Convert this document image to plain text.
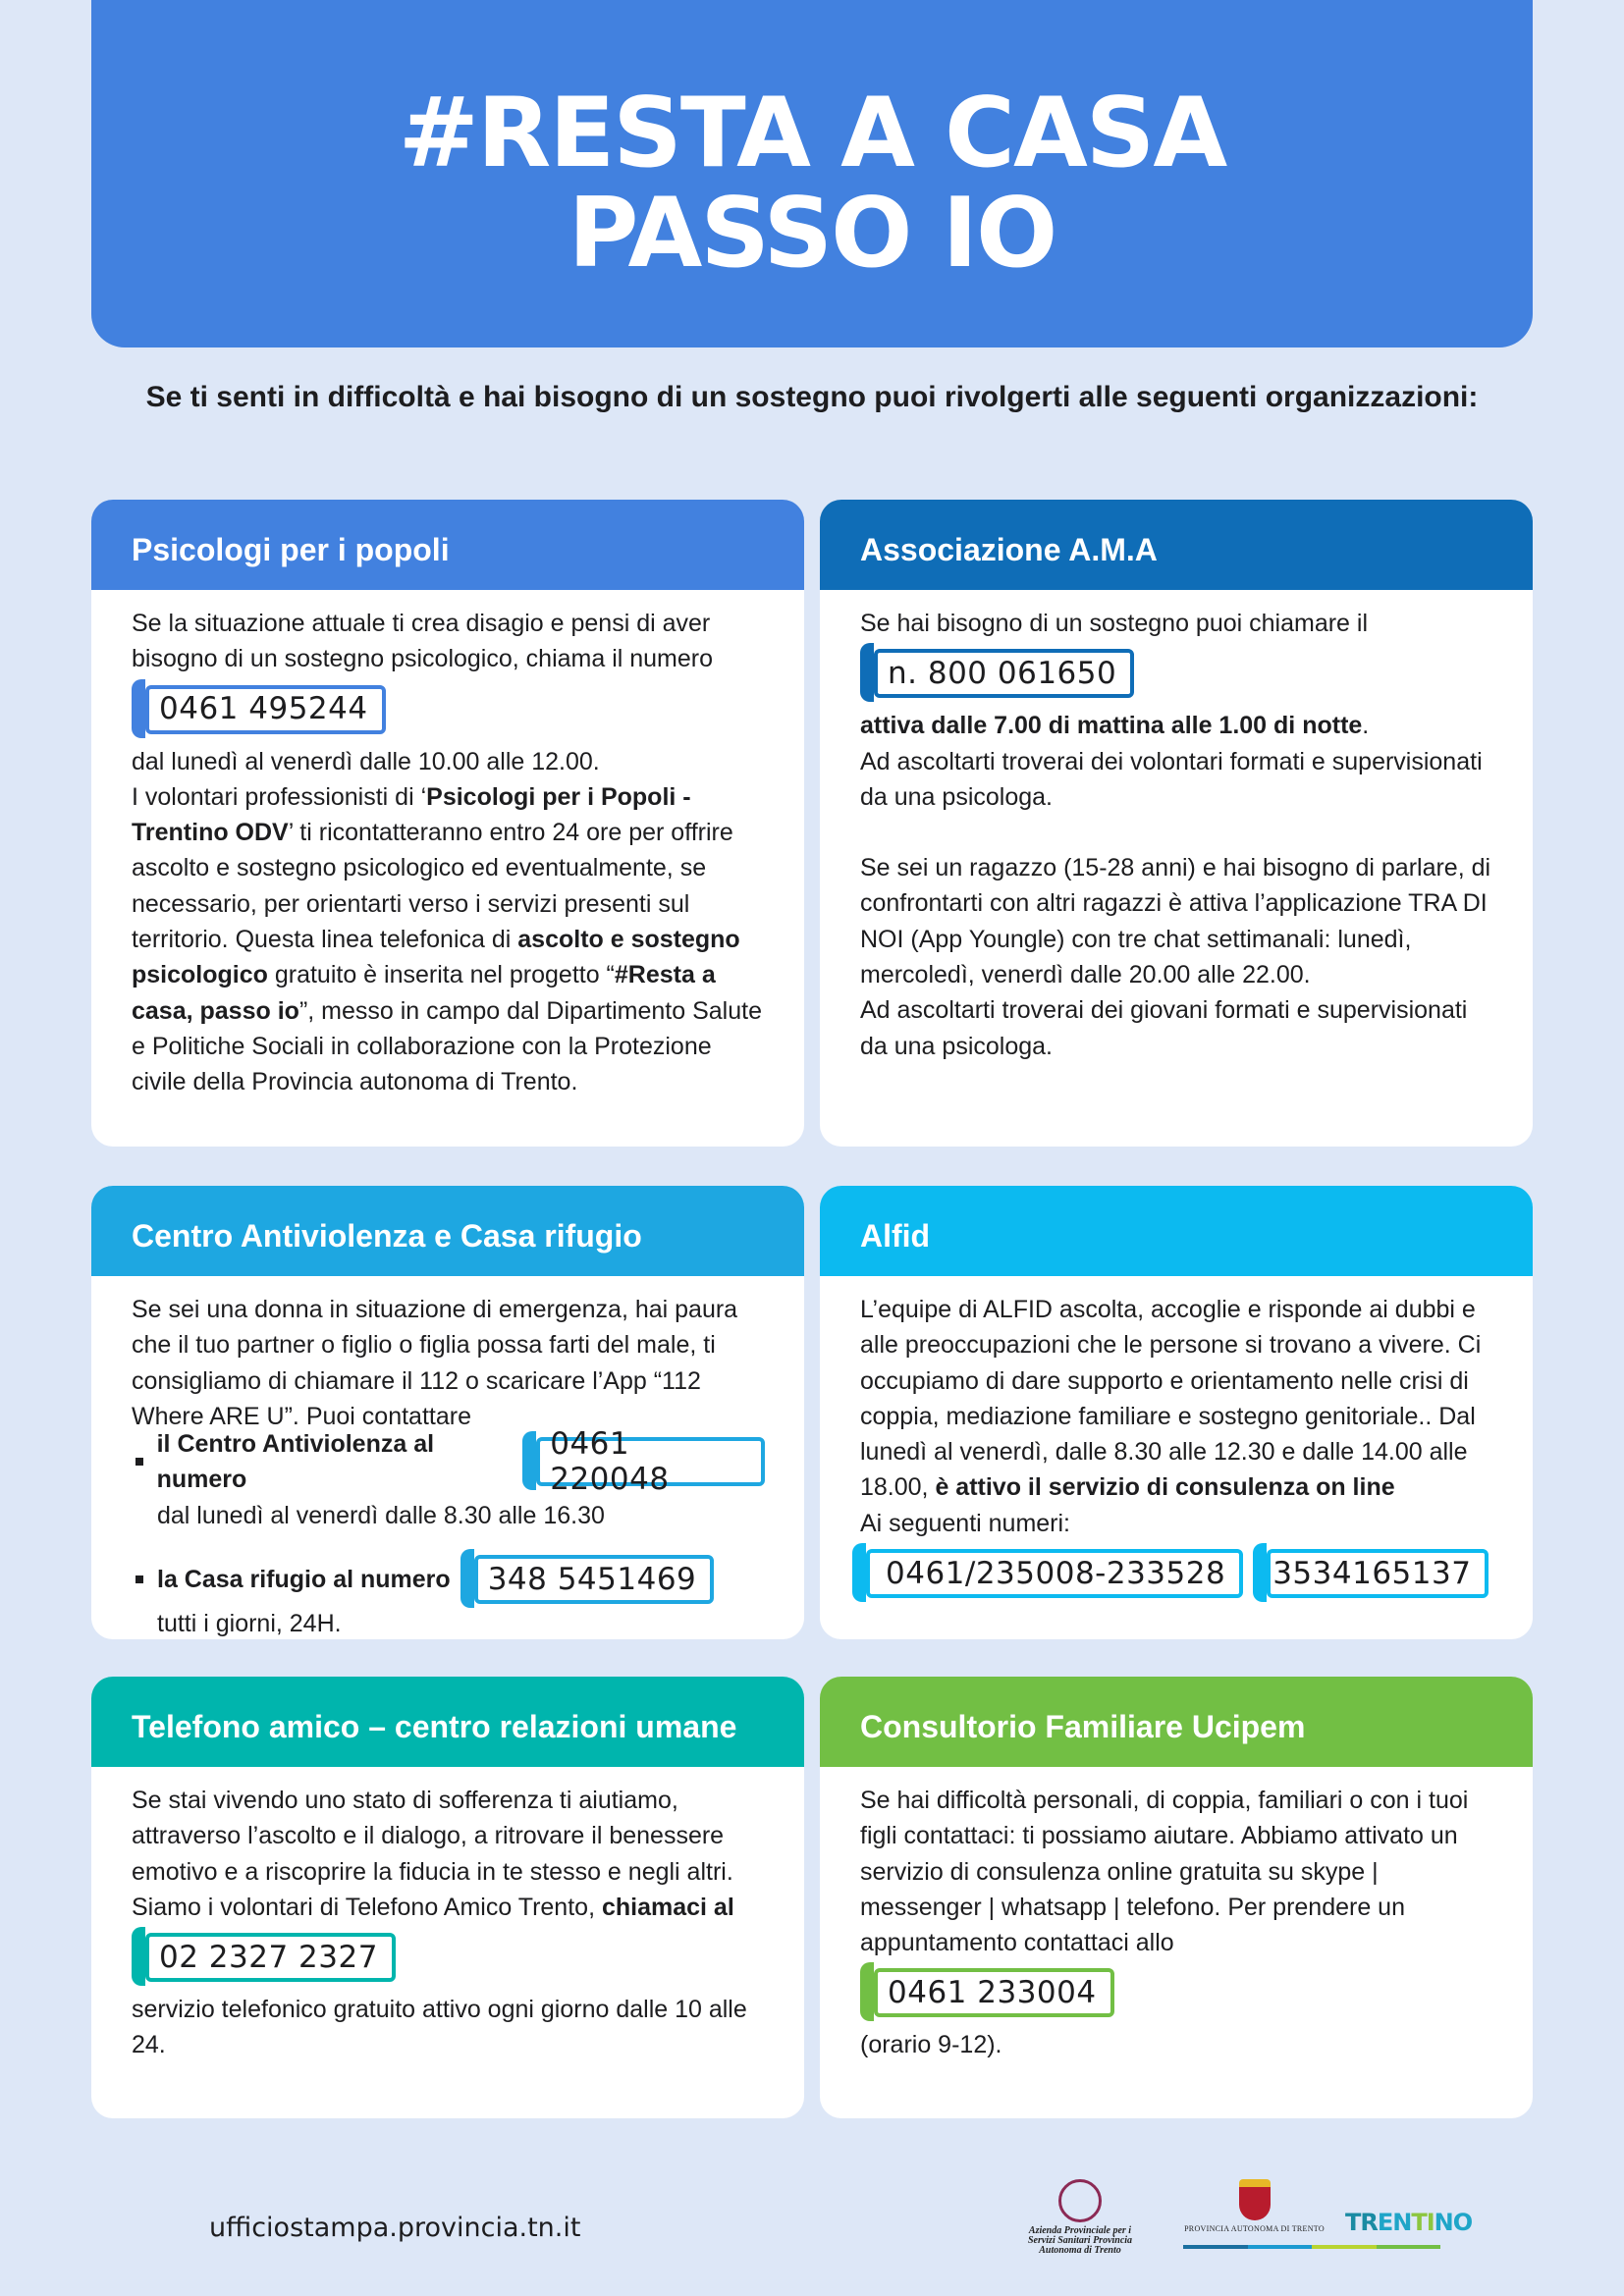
#RESTA A CASA
PASSO IO
Se ti senti in difficoltà e hai bisogno di un sostegno puoi rivolgerti alle seguenti organizzazioni:
Psicologi per i popoli
Se la situazione attuale ti crea disagio e pensi di aver bisogno di un sostegno psicologico, chiama il numero
0461 495244
dal lunedì al venerdì dalle 10.00 alle 12.00.
I volontari professionisti di ‘Psicologi per i Popoli - Trentino ODV’ ti ricontatteranno entro 24 ore per offrire ascolto e sostegno psicologico ed eventualmente, se necessario, per orientarti verso i servizi presenti sul territorio. Questa linea telefonica di ascolto e sostegno psicologico gratuito è inserita nel progetto “#Resta a casa, passo io”, messo in campo dal Dipartimento Salute e Politiche Sociali in collaborazione con la Protezione civile della Provincia autonoma di Trento.
Associazione A.M.A
Se hai bisogno di un sostegno puoi chiamare il
n. 800 061650
attiva dalle 7.00 di mattina alle 1.00 di notte.
Ad ascoltarti troverai dei volontari formati e supervisionati da una psicologa.
Se sei un ragazzo (15-28 anni) e hai bisogno di parlare, di confrontarti con altri ragazzi è attiva l’applicazione TRA DI NOI (App Youngle) con tre chat settimanali: lunedì, mercoledì, venerdì dalle 20.00 alle 22.00.
Ad ascoltarti troverai dei giovani formati e supervisionati da una psicologa.
Centro Antiviolenza e Casa rifugio
Se sei una donna in situazione di emergenza, hai paura che il tuo partner o figlio o figlia possa farti del male, ti consigliamo di chiamare il 112 o scaricare l’App “112 Where ARE U”. Puoi contattare
il Centro Antiviolenza al numero
0461 220048
dal lunedì al venerdì dalle 8.30 alle 16.30
la Casa rifugio al numero	348 5451469
tutti i giorni, 24H.
Alfid
L’equipe di ALFID ascolta, accoglie e risponde ai dubbi e alle preoccupazioni che le persone si trovano a vivere. Ci occupiamo di dare supporto e orientamento nelle crisi di coppia, mediazione familiare e sostegno genitoriale.. Dal lunedì al venerdì, dalle 8.30 alle 12.30 e dalle 14.00 alle 18.00, è attivo il servizio di consulenza on line
Ai seguenti numeri:
0461/235008-233528	3534165137
Telefono amico – centro relazioni umane
Se stai vivendo uno stato di sofferenza ti aiutiamo, attraverso l’ascolto e il dialogo, a ritrovare il benessere emotivo e a riscoprire la fiducia in te stesso e negli altri. Siamo i volontari di Telefono Amico Trento, chiamaci al
02 2327 2327
servizio telefonico gratuito attivo ogni giorno dalle 10 alle 24.
Consultorio Familiare Ucipem
Se hai difficoltà personali, di coppia, familiari o con i tuoi figli contattaci: ti possiamo aiutare. Abbiamo attivato un servizio di consulenza online gratuita su skype | messenger | whatsapp | telefono. Per prendere un appuntamento contattaci allo
0461 233004
(orario 9-12).
ufficiostampa.provincia.tn.it	Azienda Provinciale per i Servizi Sanitari Provincia Autonoma di Trento
PROVINCIA AUTONOMA DI TRENTO TRENTINO
